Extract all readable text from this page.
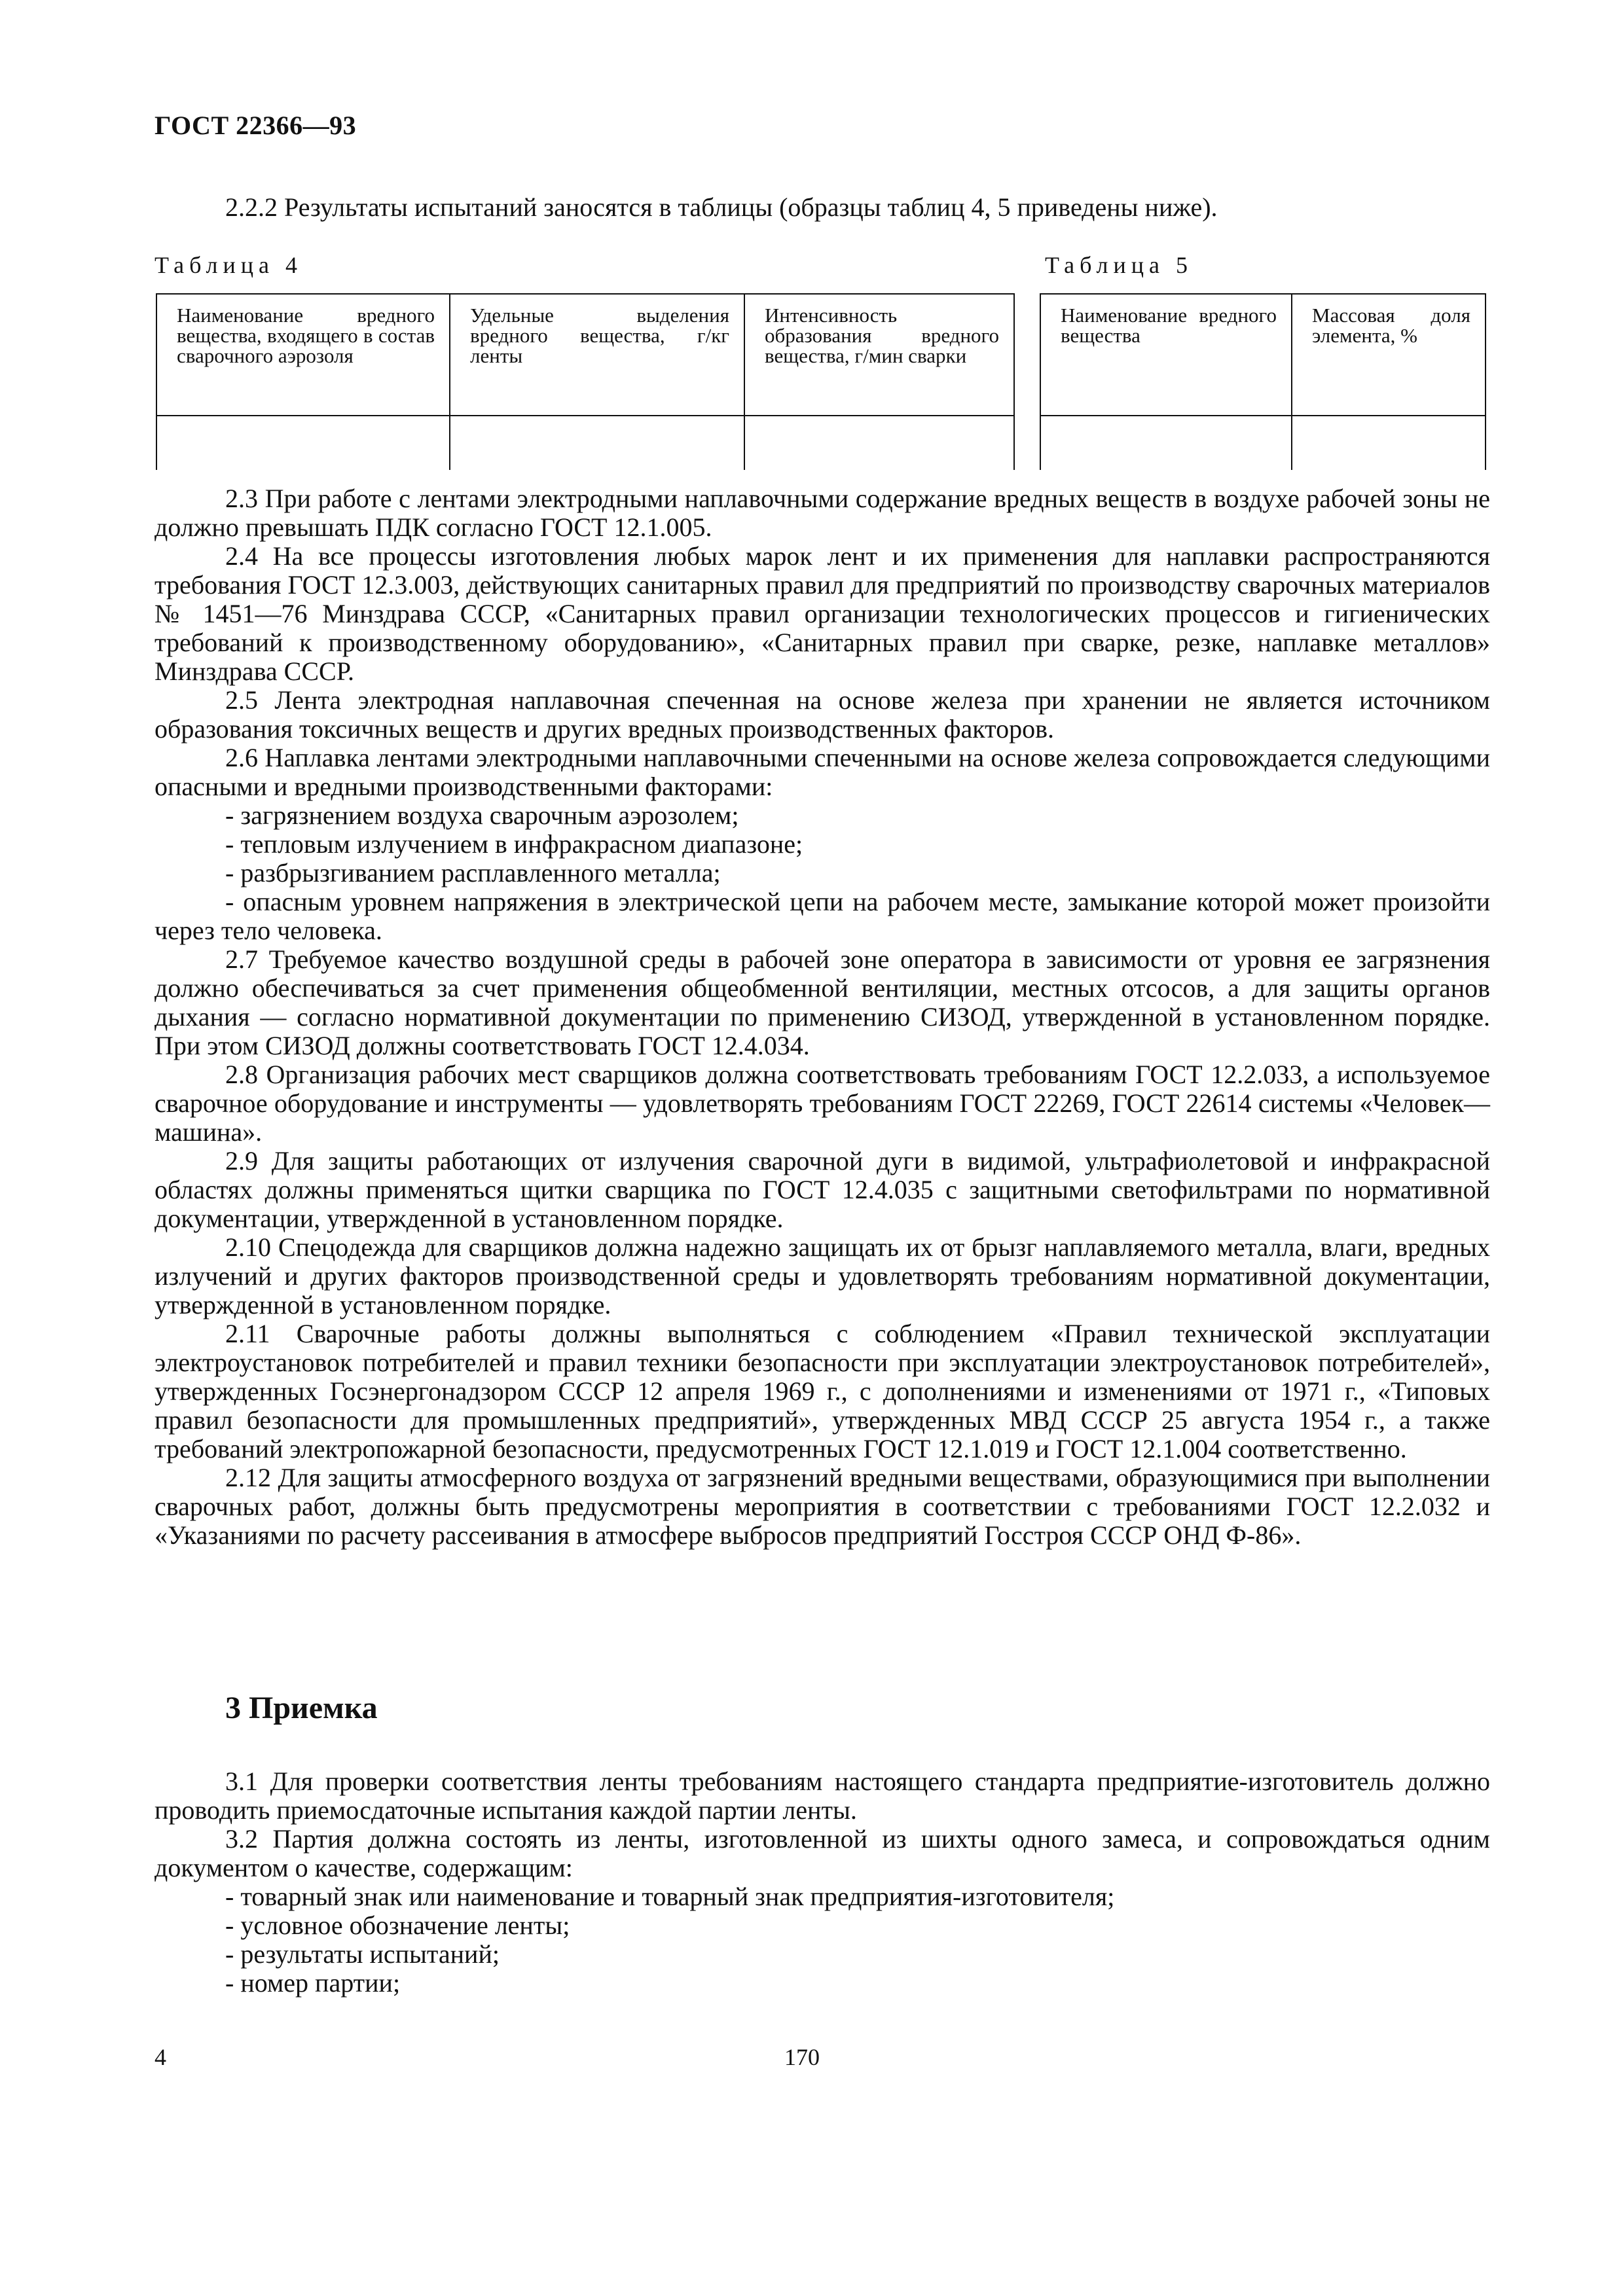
ГОСТ 22366—93
2.2.2 Результаты испытаний заносятся в таблицы (образцы таблиц 4, 5 приведены ниже).
Таблица 4	Таблица 5
Наименование вредного вещества, входящего в состав сварочного аэрозоля	Удельные выделения вредного вещества, г/кг ленты	Интенсивность образования вредного вещества, г/мин сварки

Наименование вредного вещества	Массовая доля элемента, %

2.3 При работе с лентами электродными наплавочными содержание вредных веществ в воздухе рабочей зоны не должно превышать ПДК согласно ГОСТ 12.1.005.

2.4 На все процессы изготовления любых марок лент и их применения для наплавки распространяются требования ГОСТ 12.3.003, действующих санитарных правил для предприятий по производству сварочных материалов № 1451—76 Минздрава СССР, «Санитарных правил организации технологических процессов и гигиенических требований к производственному оборудованию», «Санитарных правил при сварке, резке, наплавке металлов» Минздрава СССР.

2.5 Лента электродная наплавочная спеченная на основе железа при хранении не является источником образования токсичных веществ и других вредных производственных факторов.

2.6 Наплавка лентами электродными наплавочными спеченными на основе железа сопровождается следующими опасными и вредными производственными факторами:

- загрязнением воздуха сварочным аэрозолем;

- тепловым излучением в инфракрасном диапазоне;

- разбрызгиванием расплавленного металла;

- опасным уровнем напряжения в электрической цепи на рабочем месте, замыкание которой может произойти через тело человека.

2.7 Требуемое качество воздушной среды в рабочей зоне оператора в зависимости от уровня ее загрязнения должно обеспечиваться за счет применения общеобменной вентиляции, местных отсосов, а для защиты органов дыхания — согласно нормативной документации по применению СИЗОД, утвержденной в установленном порядке. При этом СИЗОД должны соответствовать ГОСТ 12.4.034.

2.8 Организация рабочих мест сварщиков должна соответствовать требованиям ГОСТ 12.2.033, а используемое сварочное оборудование и инструменты — удовлетворять требованиям ГОСТ 22269, ГОСТ 22614 системы «Человек— машина».

2.9 Для защиты работающих от излучения сварочной дуги в видимой, ультрафиолетовой и инфракрасной областях должны применяться щитки сварщика по ГОСТ 12.4.035 с защитными светофильтрами по нормативной документации, утвержденной в установленном порядке.

2.10 Спецодежда для сварщиков должна надежно защищать их от брызг наплавляемого металла, влаги, вредных излучений и других факторов производственной среды и удовлетворять требованиям нормативной документации, утвержденной в установленном порядке.

2.11 Сварочные работы должны выполняться с соблюдением «Правил технической эксплуатации электроустановок потребителей и правил техники безопасности при эксплуатации электроустановок потребителей», утвержденных Госэнергонадзором СССР 12 апреля 1969 г., с дополнениями и изменениями от 1971 г., «Типовых правил безопасности для промышленных предприятий», утвержденных МВД СССР 25 августа 1954 г., а также требований электропожарной безопасности, предусмотренных ГОСТ 12.1.019 и ГОСТ 12.1.004 соответственно.

2.12 Для защиты атмосферного воздуха от загрязнений вредными веществами, образующимися при выполнении сварочных работ, должны быть предусмотрены мероприятия в соответствии с требованиями ГОСТ 12.2.032 и «Указаниями по расчету рассеивания в атмосфере выбросов предприятий Госстроя СССР ОНД Ф-86».

3 Приемка

3.1 Для проверки соответствия ленты требованиям настоящего стандарта предприятие-изготовитель должно проводить приемосдаточные испытания каждой партии ленты.

3.2 Партия должна состоять из ленты, изготовленной из шихты одного замеса, и сопровождаться одним документом о качестве, содержащим:

- товарный знак или наименование и товарный знак предприятия-изготовителя;

- условное обозначение ленты;

- результаты испытаний;

- номер партии;

4	170
